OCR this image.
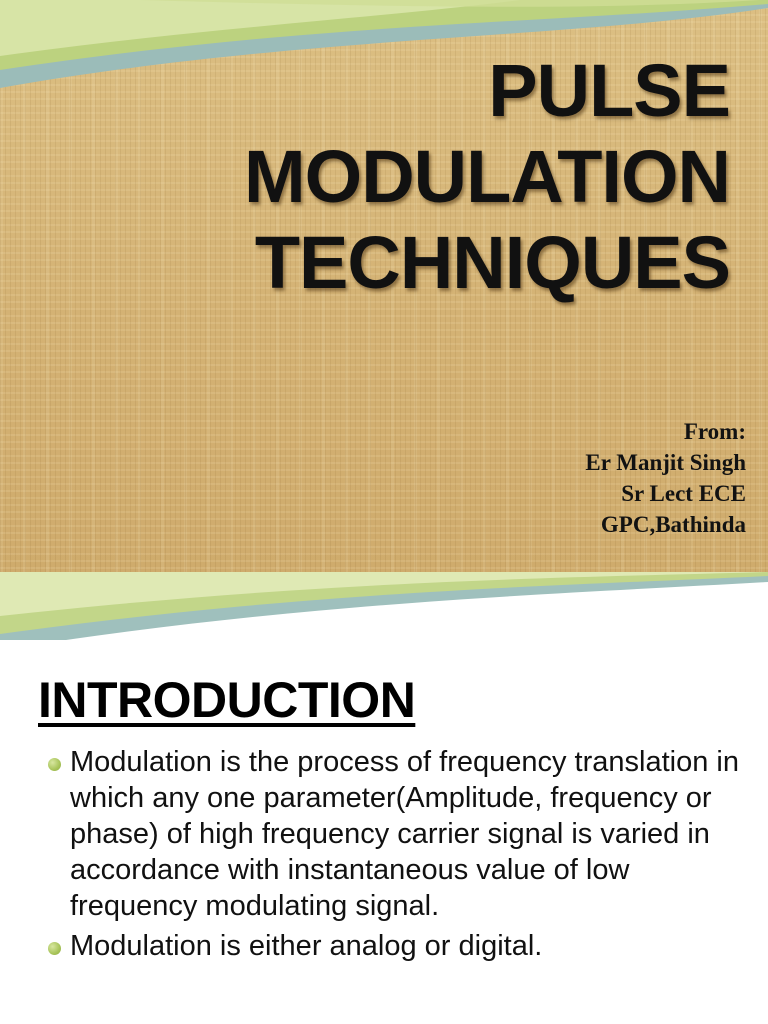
PULSE
MODULATION
TECHNIQUES
From:
Er Manjit Singh
Sr Lect ECE
GPC,Bathinda
INTRODUCTION
Modulation is the process of frequency translation in which any one parameter(Amplitude, frequency or phase) of high frequency carrier signal is varied in accordance with instantaneous value of low frequency modulating signal.
Modulation is either analog or digital.
